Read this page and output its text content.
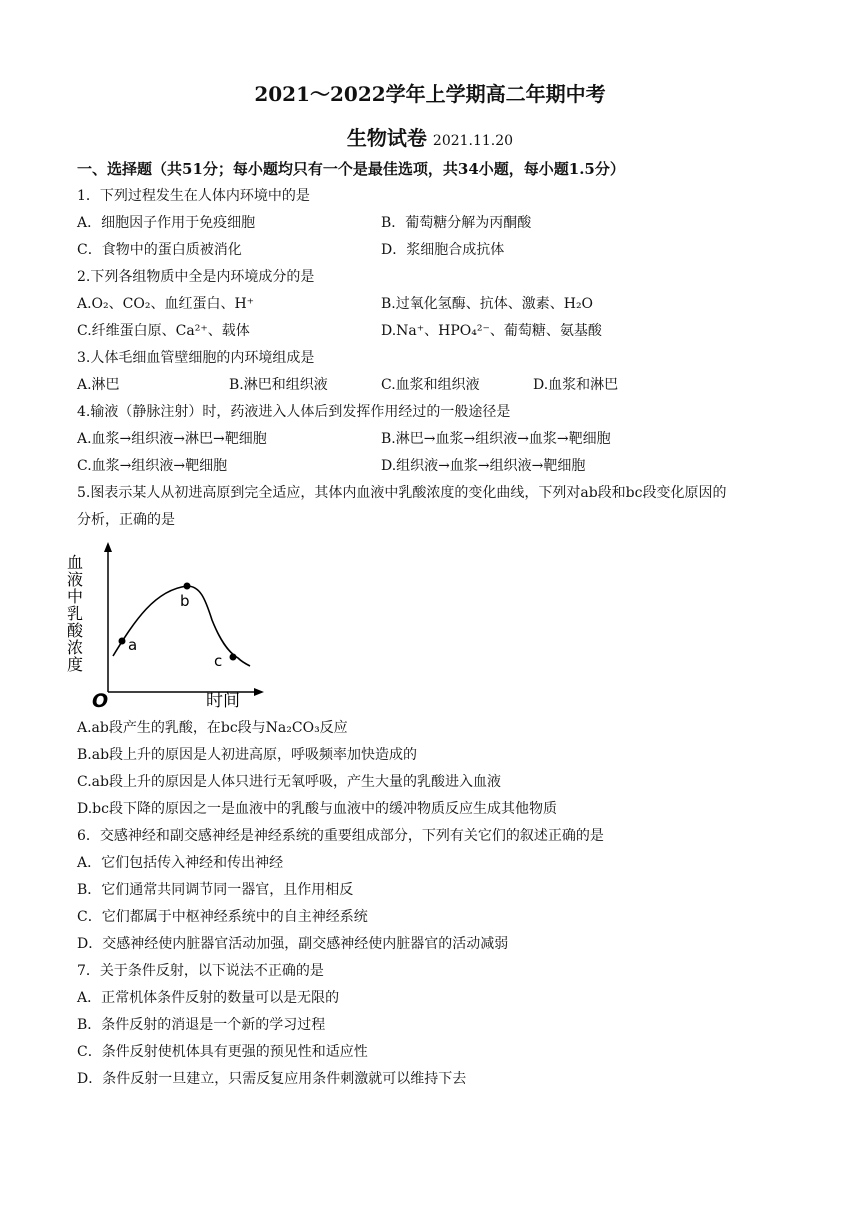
2021～2022学年上学期高二年期中考
生物试卷 2021.11.20
一、选择题（共51分；每小题均只有一个是最佳选项，共34小题，每小题1.5分）
1．下列过程发生在人体内环境中的是
A．细胞因子作用于免疫细胞	B．葡萄糖分解为丙酮酸
C．食物中的蛋白质被消化	D．浆细胞合成抗体
2.下列各组物质中全是内环境成分的是
A.O₂、CO₂、血红蛋白、H⁺	B.过氧化氢酶、抗体、激素、H₂O
C.纤维蛋白原、Ca²⁺、载体	D.Na⁺、HPO₄²⁻、葡萄糖、氨基酸
3.人体毛细血管壁细胞的内环境组成是
A.淋巴	B.淋巴和组织液	C.血浆和组织液	D.血浆和淋巴
4.输液（静脉注射）时，药液进入人体后到发挥作用经过的一般途径是
A.血浆→组织液→淋巴→靶细胞	B.淋巴→血浆→组织液→血浆→靶细胞
C.血浆→组织液→靶细胞	D.组织液→血浆→组织液→靶细胞
5.图表示某人从初进高原到完全适应，其体内血液中乳酸浓度的变化曲线，下列对ab段和bc段变化原因的
分析，正确的是
a
b
c
O	时间
血液中乳酸浓度
A.ab段产生的乳酸，在bc段与Na₂CO₃反应
B.ab段上升的原因是人初进高原，呼吸频率加快造成的
C.ab段上升的原因是人体只进行无氧呼吸，产生大量的乳酸进入血液
D.bc段下降的原因之一是血液中的乳酸与血液中的缓冲物质反应生成其他物质
6．交感神经和副交感神经是神经系统的重要组成部分，下列有关它们的叙述正确的是
A．它们包括传入神经和传出神经
B．它们通常共同调节同一器官，且作用相反
C．它们都属于中枢神经系统中的自主神经系统
D．交感神经使内脏器官活动加强，副交感神经使内脏器官的活动减弱
7．关于条件反射，以下说法不正确的是
A．正常机体条件反射的数量可以是无限的
B．条件反射的消退是一个新的学习过程
C．条件反射使机体具有更强的预见性和适应性
D．条件反射一旦建立，只需反复应用条件刺激就可以维持下去
